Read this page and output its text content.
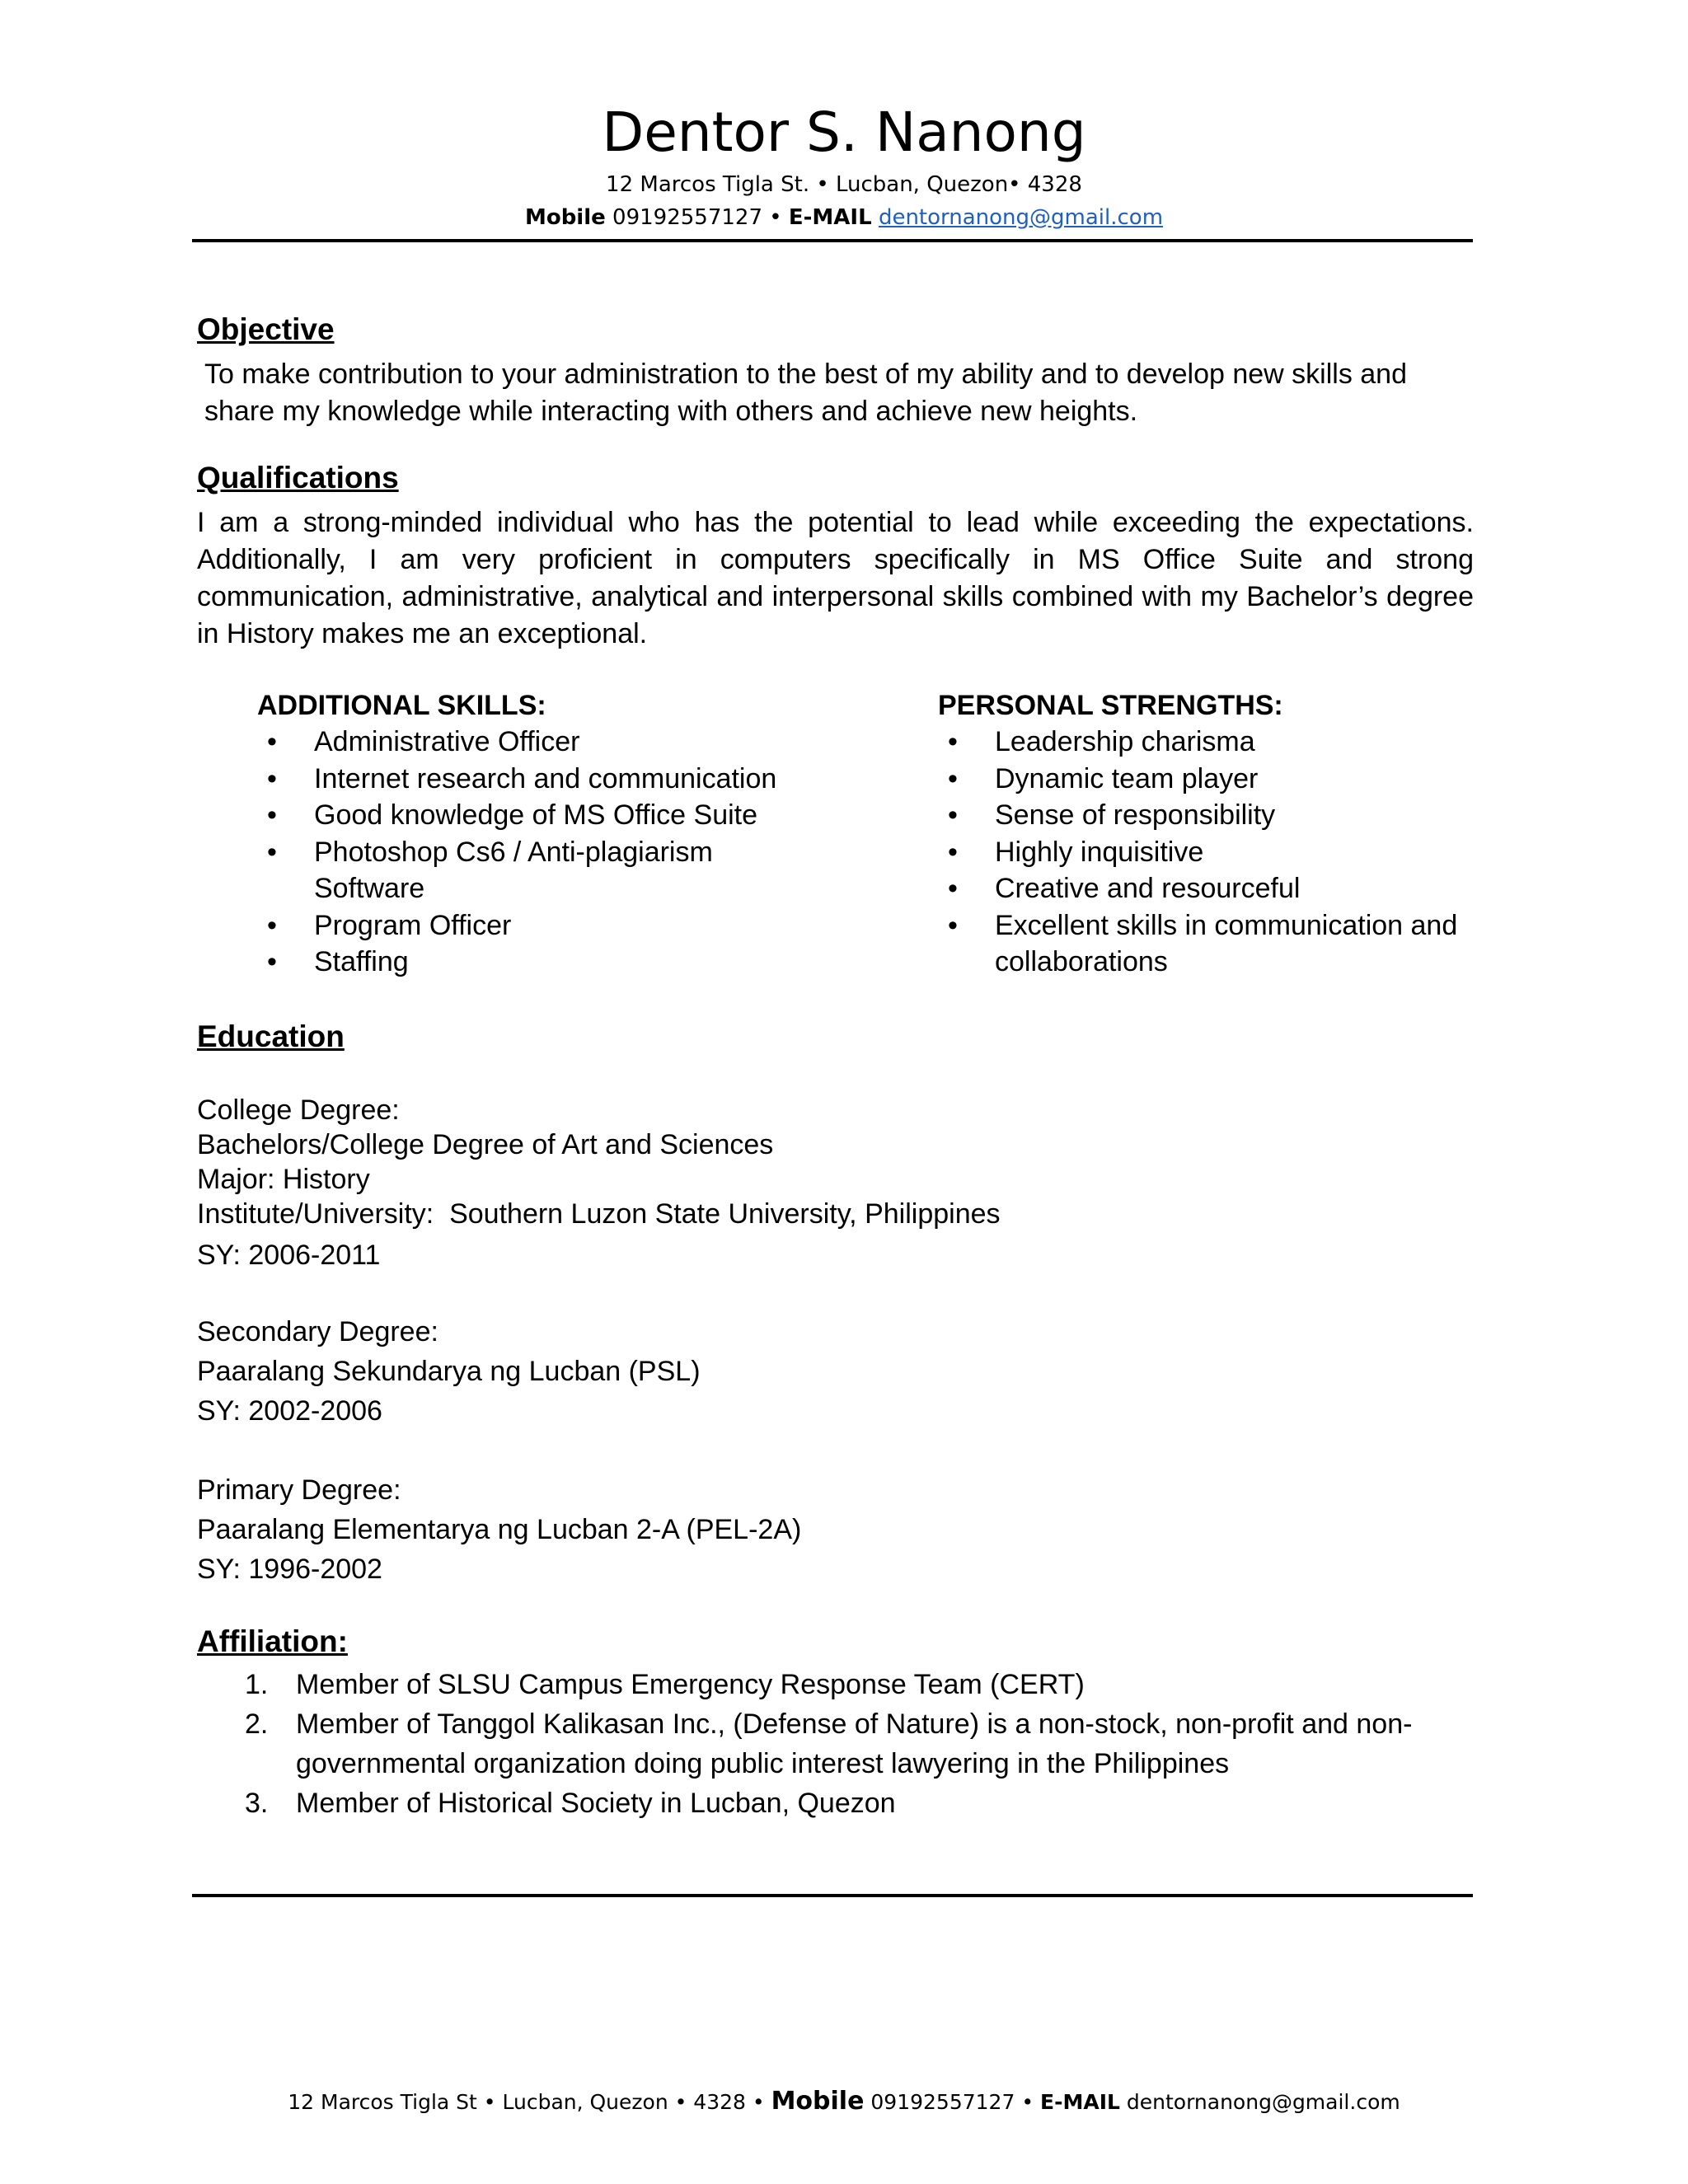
Dentor S. Nanong
12 Marcos Tigla St. • Lucban, Quezon• 4328
Mobile 09192557127 • E-MAIL dentornanong@gmail.com
Objective
To make contribution to your administration to the best of my ability and to develop new skills and share my knowledge while interacting with others and achieve new heights.
Qualifications
I am a strong-minded individual who has the potential to lead while exceeding the expectations. Additionally, I am very proficient in computers specifically in MS Office Suite and strong communication, administrative, analytical and interpersonal skills combined with my Bachelor’s degree in History makes me an exceptional.
ADDITIONAL SKILLS:
• Administrative Officer
• Internet research and communication
• Good knowledge of MS Office Suite
• Photoshop Cs6 / Anti-plagiarism Software
• Program Officer
• Staffing
PERSONAL STRENGTHS:
• Leadership charisma
• Dynamic team player
• Sense of responsibility
• Highly inquisitive
• Creative and resourceful
• Excellent skills in communication and collaborations
Education
College Degree:
Bachelors/College Degree of Art and Sciences
Major: History
Institute/University:  Southern Luzon State University, Philippines
SY: 2006-2011
Secondary Degree:
Paaralang Sekundarya ng Lucban (PSL)
SY: 2002-2006
Primary Degree:
Paaralang Elementarya ng Lucban 2-A (PEL-2A)
SY: 1996-2002
Affiliation:
1. Member of SLSU Campus Emergency Response Team (CERT)
2. Member of Tanggol Kalikasan Inc., (Defense of Nature) is a non-stock, non-profit and non-governmental organization doing public interest lawyering in the Philippines
3. Member of Historical Society in Lucban, Quezon
12 Marcos Tigla St • Lucban, Quezon • 4328 • Mobile 09192557127 • E-MAIL dentornanong@gmail.com
